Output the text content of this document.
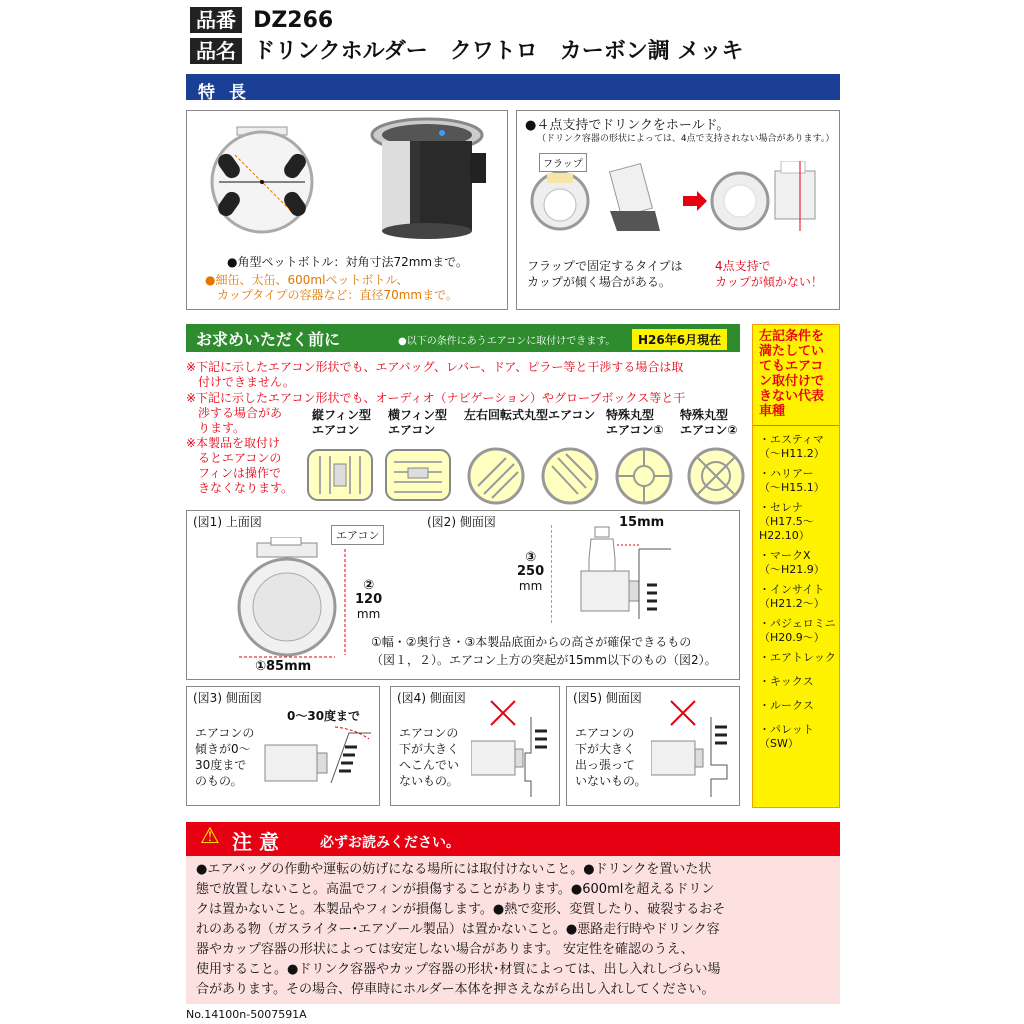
品番 DZ266
品名 ドリンクホルダー　クワトロ　カーボン調 メッキ
特長
●角型ペットボトル：対角寸法72mmまで。
●細缶、太缶、600mlペットボトル、
カップタイプの容器など：直径70mmまで。
●４点支持でドリンクをホールド。
（ドリンク容器の形状によっては、4点で支持されない場合があります。）
フラップ
フラップで固定するタイプは
カップが傾く場合がある。
4点支持で
カップが傾かない！
お求めいただく前に	●以下の条件にあうエアコンに取付けできます。	H26年6月現在
※下記に示したエアコン形状でも、エアバッグ、レバー、ドア、ピラー等と干渉する場合は取
付けできません。
※下記に示したエアコン形状でも、オーディオ（ナビゲーション）やグローブボックス等と干
渉する場合があ
ります。
※本製品を取付け
るとエアコンの
フィンは操作で
きなくなります。
縦フィン型
エアコン
横フィン型
エアコン
左右回転式丸型エアコン 特殊丸型
エアコン①
特殊丸型
エアコン②
(図1) 上面図
エアコン
②
120
mm
①85mm
(図2) 側面図	15mm
③
250
mm
①幅・②奥行き・③本製品底面からの高さが確保できるもの
（図１，２）。エアコン上方の突起が15mm以下のもの（図2）。
(図3) 側面図
0〜30度まで
エアコンの
傾きが0〜
30度まで
のもの。
(図4) 側面図
エアコンの
下が大きく
へこんでい
ないもの。
(図5) 側面図
エアコンの
下が大きく
出っ張って
いないもの。
左記条件を
満たしてい
てもエアコ
ン取付けで
きない代表
車種
・エスティマ
（〜H11.2）
・ハリアー
（〜H15.1）
・セレナ
（H17.5〜
H22.10）
・マークX
（〜H21.9）
・インサイト
（H21.2〜）
・パジェロミニ
（H20.9〜）
・エアトレック
・キックス
・ルークス
・パレット
（SW）
⚠ 注 意	必ずお読みください。
●エアバッグの作動や運転の妨げになる場所には取付けないこと。●ドリンクを置いた状
態で放置しないこと。高温でフィンが損傷することがあります。●600mlを超えるドリン
クは置かないこと。本製品やフィンが損傷します。●熱で変形、変質したり、破裂するおそ
れのある物（ガスライター･エアゾール製品）は置かないこと。●悪路走行時やドリンク容
器やカップ容器の形状によっては安定しない場合があります。 安定性を確認のうえ、
使用すること。●ドリンク容器やカップ容器の形状･材質によっては、出し入れしづらい場
合があります。その場合、停車時にホルダー本体を押さえながら出し入れしてください。
No.14100n-5007591A
